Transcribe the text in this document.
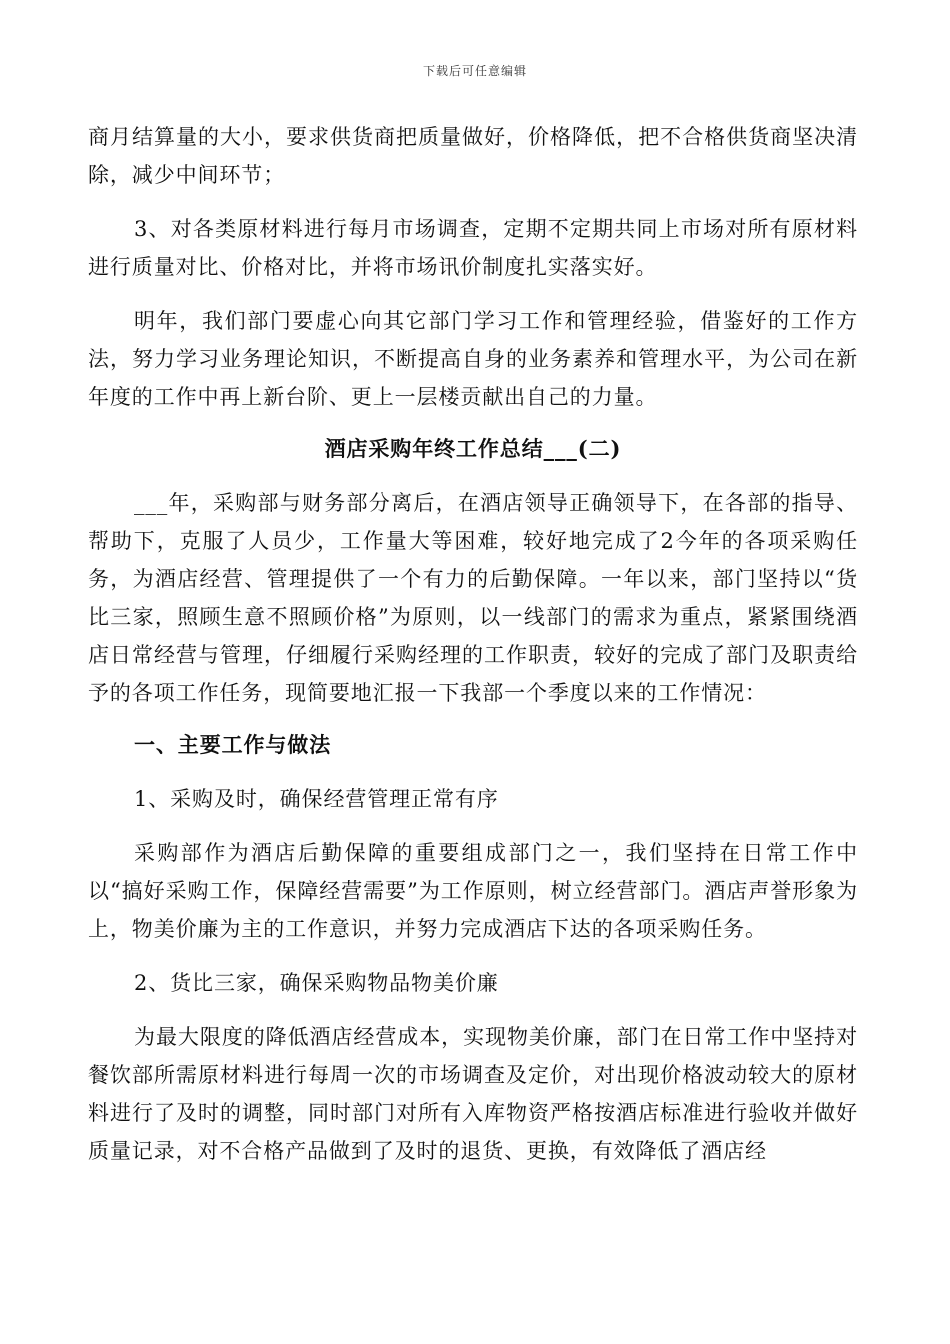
下载后可任意编辑

商月结算量的大小，要求供货商把质量做好，价格降低，把不合格供货商坚决清除，减少中间环节；

3、对各类原材料进行每月市场调查，定期不定期共同上市场对所有原材料进行质量对比、价格对比，并将市场讯价制度扎实落实好。

明年，我们部门要虚心向其它部门学习工作和管理经验，借鉴好的工作方法，努力学习业务理论知识，不断提高自身的业务素养和管理水平，为公司在新年度的工作中再上新台阶、更上一层楼贡献出自己的力量。

酒店采购年终工作总结___(二)

___年，采购部与财务部分离后，在酒店领导正确领导下，在各部的指导、帮助下，克服了人员少，工作量大等困难，较好地完成了2今年的各项采购任务，为酒店经营、管理提供了一个有力的后勤保障。一年以来，部门坚持以“货比三家，照顾生意不照顾价格”为原则，以一线部门的需求为重点，紧紧围绕酒店日常经营与管理，仔细履行采购经理的工作职责，较好的完成了部门及职责给予的各项工作任务，现简要地汇报一下我部一个季度以来的工作情况：

一、主要工作与做法

1、采购及时，确保经营管理正常有序

采购部作为酒店后勤保障的重要组成部门之一，我们坚持在日常工作中以“搞好采购工作，保障经营需要”为工作原则，树立经营部门。酒店声誉形象为上，物美价廉为主的工作意识，并努力完成酒店下达的各项采购任务。

2、货比三家，确保采购物品物美价廉

为最大限度的降低酒店经营成本，实现物美价廉，部门在日常工作中坚持对餐饮部所需原材料进行每周一次的市场调查及定价，对出现价格波动较大的原材料进行了及时的调整，同时部门对所有入库物资严格按酒店标准进行验收并做好质量记录，对不合格产品做到了及时的退货、更换，有效降低了酒店经
